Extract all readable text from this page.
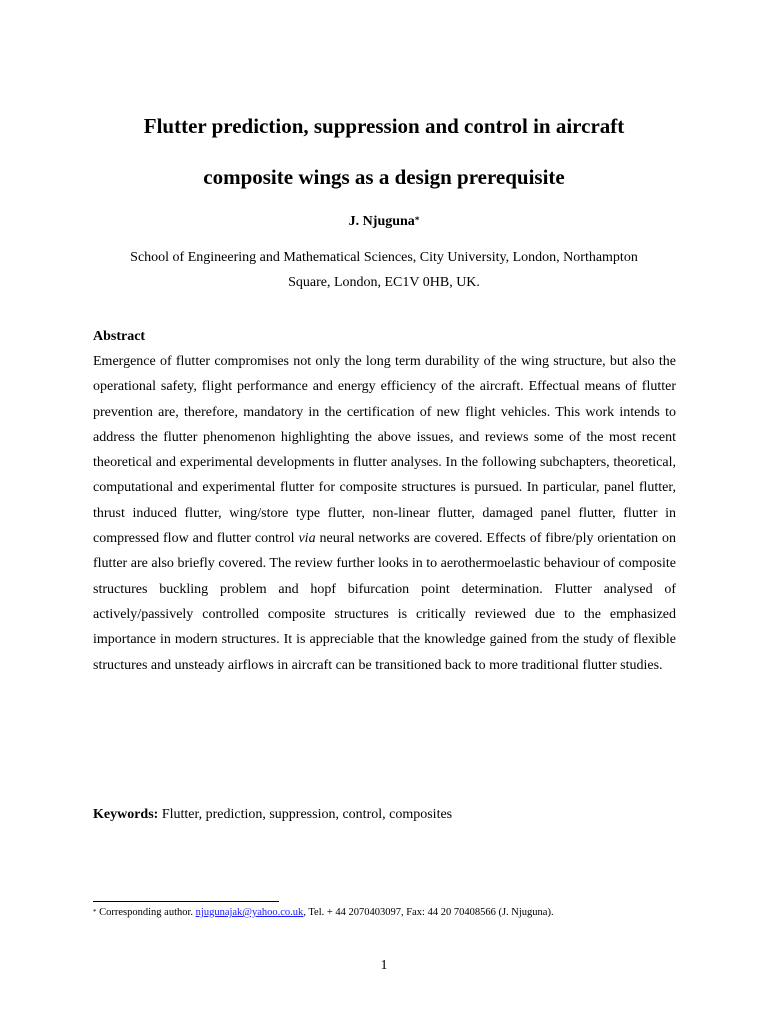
Flutter prediction, suppression and control in aircraft
composite wings as a design prerequisite
J. Njuguna*
School of Engineering and Mathematical Sciences, City University, London, Northampton
Square, London, EC1V 0HB, UK.
Abstract

Emergence of flutter compromises not only the long term durability of the wing structure, but also the operational safety, flight performance and energy efficiency of the aircraft. Effectual means of flutter prevention are, therefore, mandatory in the certification of new flight vehicles. This work intends to address the flutter phenomenon highlighting the above issues, and reviews some of the most recent theoretical and experimental developments in flutter analyses. In the following subchapters, theoretical, computational and experimental flutter for composite structures is pursued. In particular, panel flutter, thrust induced flutter, wing/store type flutter, non-linear flutter, damaged panel flutter, flutter in compressed flow and flutter control via neural networks are covered. Effects of fibre/ply orientation on flutter are also briefly covered. The review further looks in to aerothermoelastic behaviour of composite structures buckling problem and hopf bifurcation point determination. Flutter analysed of actively/passively controlled composite structures is critically reviewed due to the emphasized importance in modern structures. It is appreciable that the knowledge gained from the study of flexible structures and unsteady airflows in aircraft can be transitioned back to more traditional flutter studies.

Keywords: Flutter, prediction, suppression, control, composites
* Corresponding author. njugunajak@yahoo.co.uk, Tel. + 44 2070403097, Fax: 44 20 70408566 (J. Njuguna).
1
